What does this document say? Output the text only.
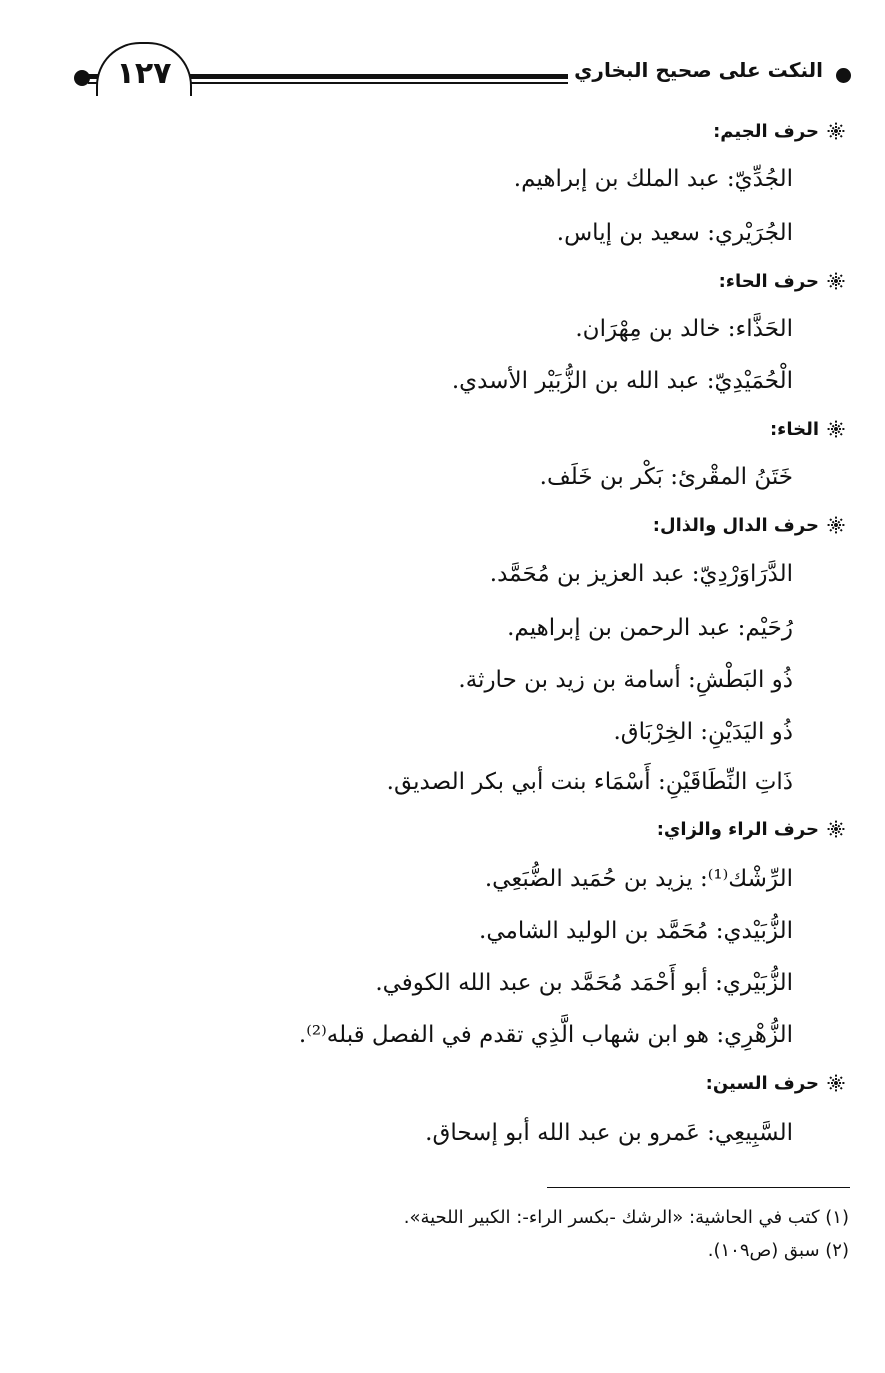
١٢٧	النكت على صحيح البخاري
حرف الجيم:
الجُدِّيّ: عبد الملك بن إبراهيم.
الجُرَيْري: سعيد بن إياس.
حرف الحاء:
الحَذَّاء: خالد بن مِهْرَان.
الْحُمَيْدِيّ: عبد الله بن الزُّبَيْر الأسدي.
الخاء:
خَتَنُ المقْرئ: بَكْر بن خَلَف.
حرف الدال والذال:
الدَّرَاوَرْدِيّ: عبد العزيز بن مُحَمَّد.
رُحَيْم: عبد الرحمن بن إبراهيم.
ذُو البَطْشِ: أسامة بن زيد بن حارثة.
ذُو اليَدَيْنِ: الخِرْبَاق.
ذَاتِ النِّطَاقَيْنِ: أَسْمَاء بنت أبي بكر الصديق.
حرف الراء والزاي:
الرِّشْك⁽¹⁾: يزيد بن حُمَيد الضُّبَعِي.
الزُّبَيْدي: مُحَمَّد بن الوليد الشامي.
الزُّبَيْري: أبو أَحْمَد مُحَمَّد بن عبد الله الكوفي.
الزُّهْرِي: هو ابن شهاب الَّذِي تقدم في الفصل قبله⁽²⁾.
حرف السين:
السَّبِيعِي: عَمرو بن عبد الله أبو إسحاق.
(١) كتب في الحاشية: «الرشك -بكسر الراء-: الكبير اللحية».
(٢) سبق (ص١٠٩).
